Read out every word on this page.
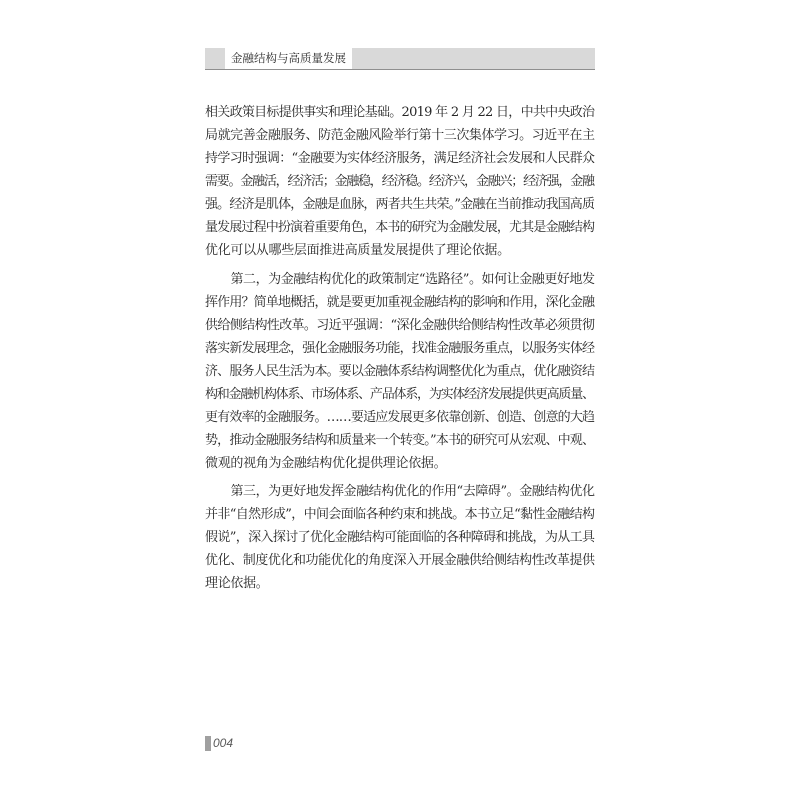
金融结构与高质量发展
相关政策目标提供事实和理论基础。2019 年 2 月 22 日，中共中央政治
局就完善金融服务、防范金融风险举行第十三次集体学习。习近平在主
持学习时强调：“金融要为实体经济服务，满足经济社会发展和人民群众
需要。金融活，经济活；金融稳，经济稳。经济兴，金融兴；经济强，金融
强。经济是肌体，金融是血脉，两者共生共荣。”金融在当前推动我国高质
量发展过程中扮演着重要角色，本书的研究为金融发展，尤其是金融结构
优化可以从哪些层面推进高质量发展提供了理论依据。
第二，为金融结构优化的政策制定“选路径”。如何让金融更好地发
挥作用？简单地概括，就是要更加重视金融结构的影响和作用，深化金融
供给侧结构性改革。习近平强调：“深化金融供给侧结构性改革必须贯彻
落实新发展理念，强化金融服务功能，找准金融服务重点，以服务实体经
济、服务人民生活为本。要以金融体系结构调整优化为重点，优化融资结
构和金融机构体系、市场体系、产品体系，为实体经济发展提供更高质量、
更有效率的金融服务。……要适应发展更多依靠创新、创造、创意的大趋
势，推动金融服务结构和质量来一个转变。”本书的研究可从宏观、中观、
微观的视角为金融结构优化提供理论依据。
第三，为更好地发挥金融结构优化的作用“去障碍”。金融结构优化
并非“自然形成”，中间会面临各种约束和挑战。本书立足“黏性金融结构
假说”，深入探讨了优化金融结构可能面临的各种障碍和挑战，为从工具
优化、制度优化和功能优化的角度深入开展金融供给侧结构性改革提供
理论依据。
004
